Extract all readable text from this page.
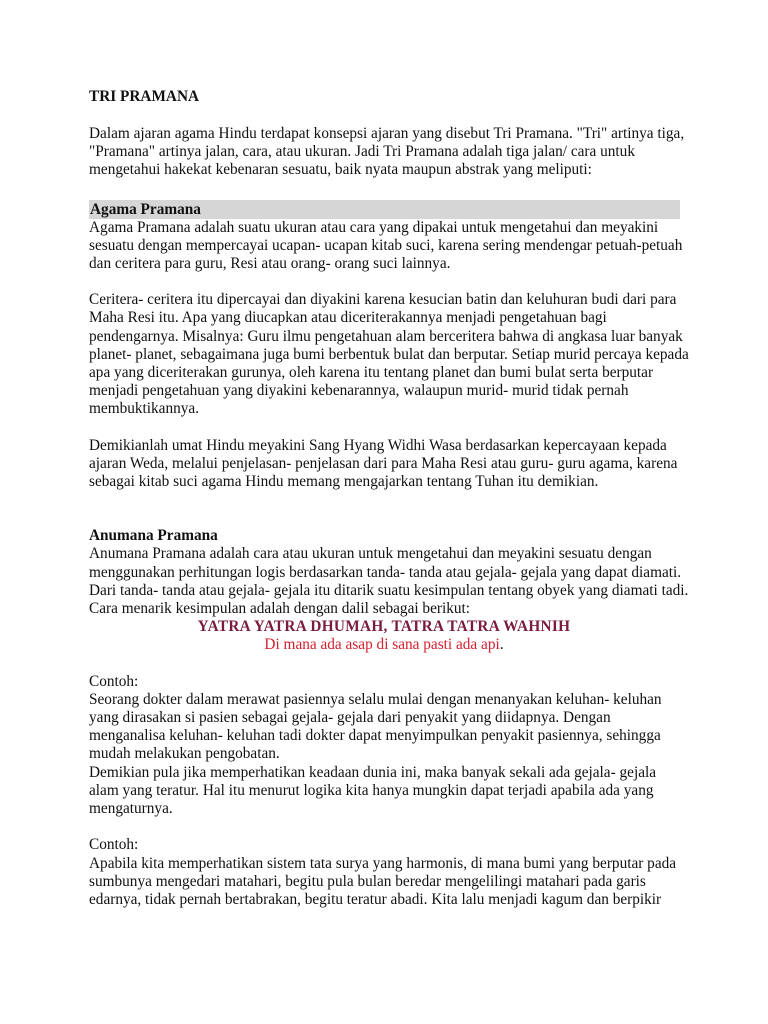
TRI PRAMANA

Dalam ajaran agama Hindu terdapat konsepsi ajaran yang disebut Tri Pramana. "Tri" artinya tiga, "Pramana" artinya jalan, cara, atau ukuran. Jadi Tri Pramana adalah tiga jalan/ cara untuk mengetahui hakekat kebenaran sesuatu, baik nyata maupun abstrak yang meliputi:

Agama Pramana

Agama Pramana adalah suatu ukuran atau cara yang dipakai untuk mengetahui dan meyakini sesuatu dengan mempercayai ucapan- ucapan kitab suci, karena sering mendengar petuah-petuah dan ceritera para guru, Resi atau orang- orang suci lainnya.

Ceritera- ceritera itu dipercayai dan diyakini karena kesucian batin dan keluhuran budi dari para Maha Resi itu. Apa yang diucapkan atau diceriterakannya menjadi pengetahuan bagi pendengarnya. Misalnya: Guru ilmu pengetahuan alam berceritera bahwa di angkasa luar banyak planet- planet, sebagaimana juga bumi berbentuk bulat dan berputar. Setiap murid percaya kepada apa yang diceriterakan gurunya, oleh karena itu tentang planet dan bumi bulat serta berputar menjadi pengetahuan yang diyakini kebenarannya, walaupun murid- murid tidak pernah membuktikannya.

Demikianlah umat Hindu meyakini Sang Hyang Widhi Wasa berdasarkan kepercayaan kepada ajaran Weda, melalui penjelasan- penjelasan dari para Maha Resi atau guru- guru agama, karena sebagai kitab suci agama Hindu memang mengajarkan tentang Tuhan itu demikian.

Anumana Pramana

Anumana Pramana adalah cara atau ukuran untuk mengetahui dan meyakini sesuatu dengan menggunakan perhitungan logis berdasarkan tanda- tanda atau gejala- gejala yang dapat diamati. Dari tanda- tanda atau gejala- gejala itu ditarik suatu kesimpulan tentang obyek yang diamati tadi.

Cara menarik kesimpulan adalah dengan dalil sebagai berikut:

YATRA YATRA DHUMAH, TATRA TATRA WAHNIH

Di mana ada asap di sana pasti ada api.

Contoh:

Seorang dokter dalam merawat pasiennya selalu mulai dengan menanyakan keluhan- keluhan yang dirasakan si pasien sebagai gejala- gejala dari penyakit yang diidapnya. Dengan menganalisa keluhan- keluhan tadi dokter dapat menyimpulkan penyakit pasiennya, sehingga mudah melakukan pengobatan.

Demikian pula jika memperhatikan keadaan dunia ini, maka banyak sekali ada gejala- gejala alam yang teratur. Hal itu menurut logika kita hanya mungkin dapat terjadi apabila ada yang mengaturnya.

Contoh:

Apabila kita memperhatikan sistem tata surya yang harmonis, di mana bumi yang berputar pada sumbunya mengedari matahari, begitu pula bulan beredar mengelilingi matahari pada garis edarnya, tidak pernah bertabrakan, begitu teratur abadi. Kita lalu menjadi kagum dan berpikir
